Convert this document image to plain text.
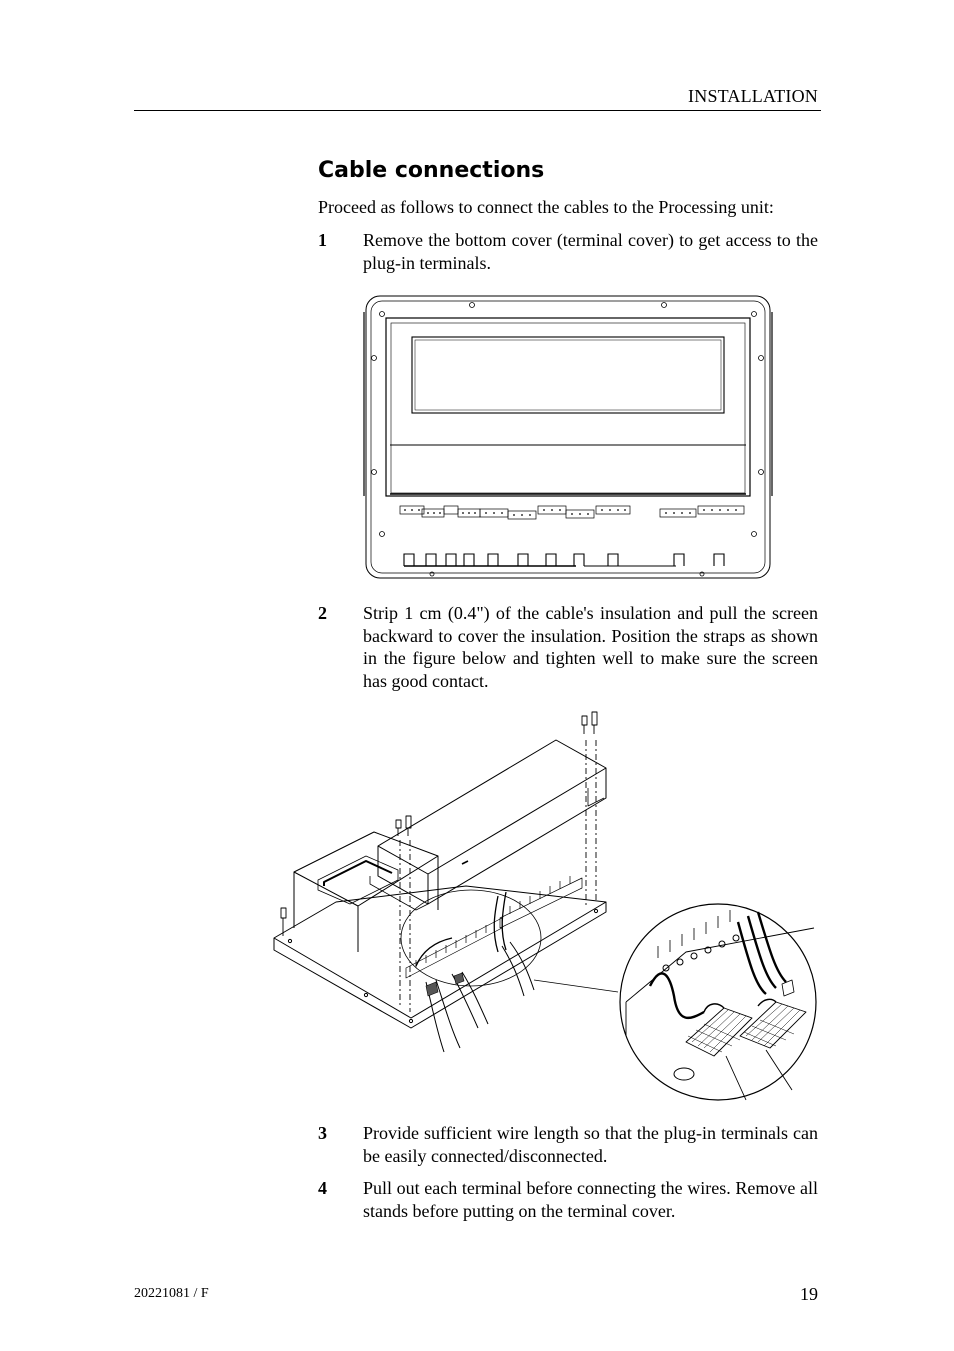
INSTALLATION
Cable connections
Proceed as follows to connect the cables to the Processing unit:
1 Remove the bottom cover (terminal cover) to get access to the plug-in terminals.
2 Strip 1 cm (0.4") of the cable's insulation and pull the screen backward to cover the insulation. Position the straps as shown in the figure below and tighten well to make sure the screen has good contact.
3 Provide sufficient wire length so that the plug-in terminals can be easily connected/disconnected.
4 Pull out each terminal before connecting the wires. Remove all stands before putting on the terminal cover.
20221081 / F	19
